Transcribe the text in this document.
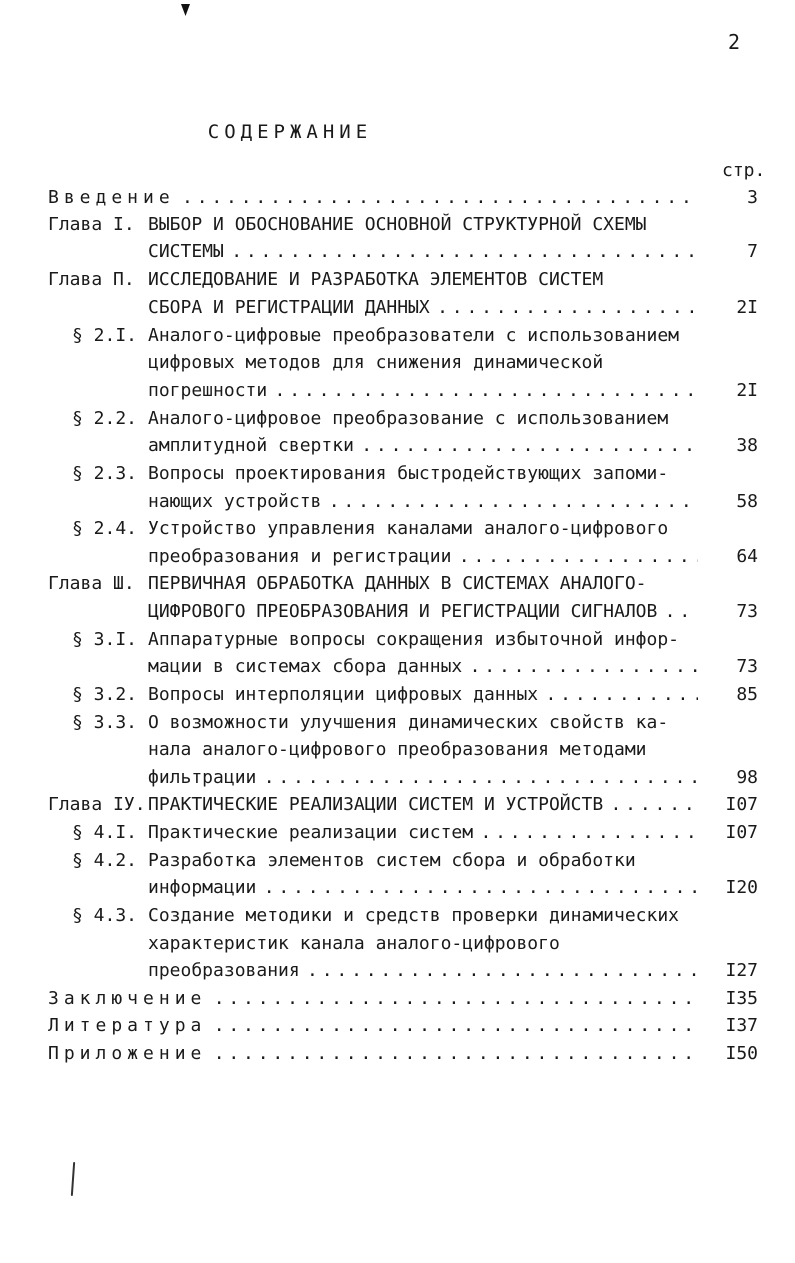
2
СОДЕРЖАНИЕ
стр.
Введение . . .	3
Глава I. ВЫБОР И ОБОСНОВАНИЕ ОСНОВНОЙ СТРУКТУРНОЙ СХЕМЫ
СИСТЕМЫ . . .	7
Глава П. ИССЛЕДОВАНИЕ И РАЗРАБОТКА ЭЛЕМЕНТОВ СИСТЕМ
СБОРА И РЕГИСТРАЦИИ ДАННЫХ . . .	2I
§ 2.I. Аналого-цифровые преобразователи с использованием
цифровых методов для снижения динамической
погрешности . . .	2I
§ 2.2. Аналого-цифровое преобразование с использованием
амплитудной свертки . . .	38
§ 2.3. Вопросы проектирования быстродействующих запоми-
нающих устройств . . .	58
§ 2.4. Устройство управления каналами аналого-цифрового
преобразования и регистрации . . .	64
Глава Ш. ПЕРВИЧНАЯ ОБРАБОТКА ДАННЫХ В СИСТЕМАХ АНАЛОГО-
ЦИФРОВОГО ПРЕОБРАЗОВАНИЯ И РЕГИСТРАЦИИ СИГНАЛОВ . . .	73
§ 3.I. Аппаратурные вопросы сокращения избыточной инфор-
мации в системах сбора данных . . .	73
§ 3.2. Вопросы интерполяции цифровых данных . . .	85
§ 3.3. О возможности улучшения динамических свойств ка-
нала аналого-цифрового преобразования методами
фильтрации . . .	98
Глава IУ. ПРАКТИЧЕСКИЕ РЕАЛИЗАЦИИ СИСТЕМ И УСТРОЙСТВ . . .	I07
§ 4.I. Практические реализации систем . . .	I07
§ 4.2. Разработка элементов систем сбора и обработки
информации . . .	I20
§ 4.3. Создание методики и средств проверки динамических
характеристик канала аналого-цифрового
преобразования . . .	I27
Заключение . . .	I35
Литература . . .	I37
Приложение . . .	I50
